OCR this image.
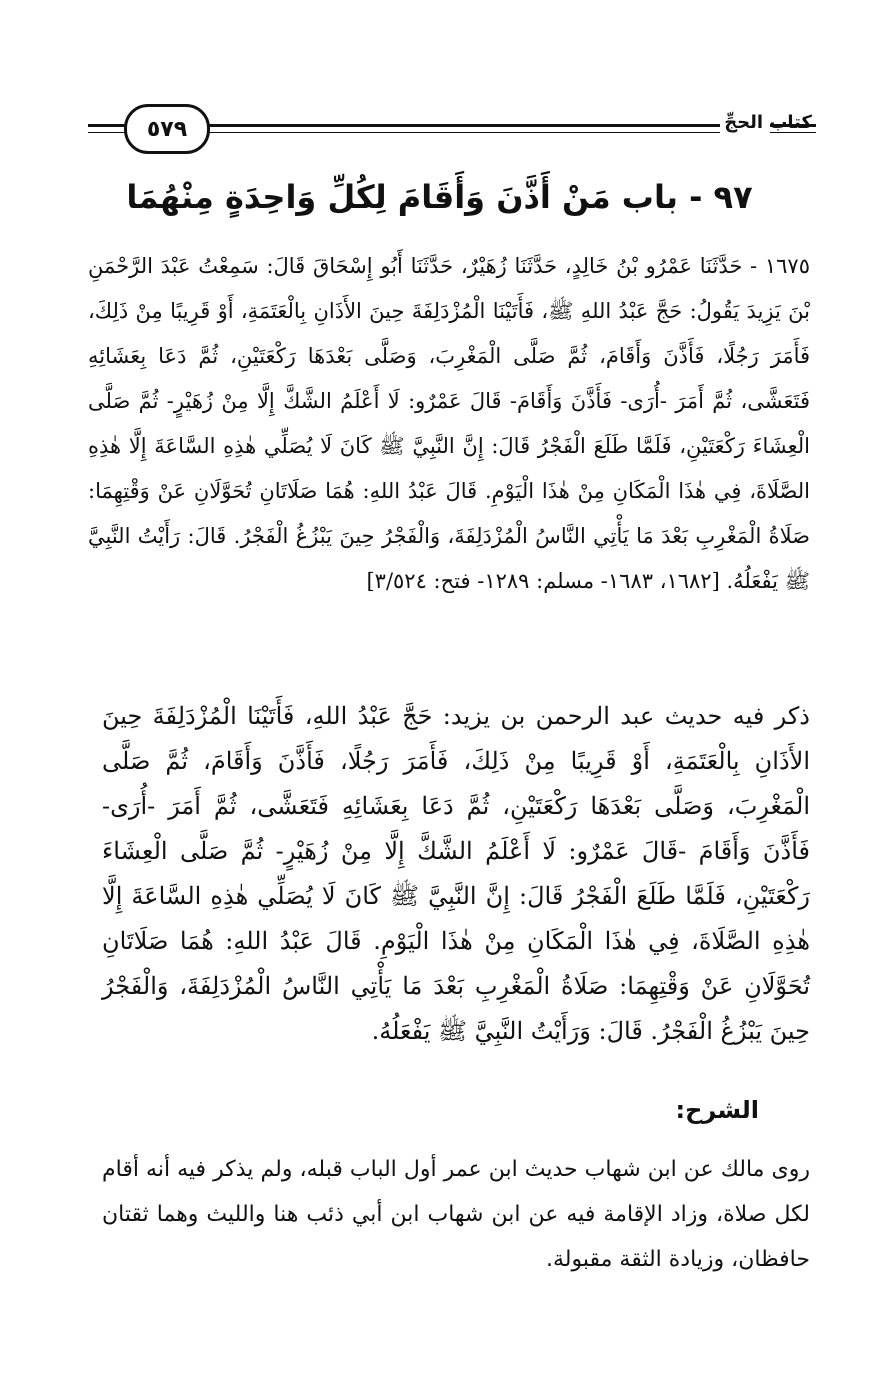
٥٧٩	كتاب الحجِّ
٩٧ - باب مَنْ أَذَّنَ وَأَقَامَ لِكُلِّ وَاحِدَةٍ مِنْهُمَا
١٦٧٥ - حَدَّثَنَا عَمْرُو بْنُ خَالِدٍ، حَدَّثَنَا زُهَيْرٌ، حَدَّثَنَا أَبُو إِسْحَاقَ قَالَ: سَمِعْتُ عَبْدَ الرَّحْمَنِ بْنَ يَزِيدَ يَقُولُ: حَجَّ عَبْدُ اللهِ ﷺ، فَأَتَيْنَا الْمُزْدَلِفَةَ حِينَ الأَذَانِ بِالْعَتَمَةِ، أَوْ قَرِيبًا مِنْ ذَلِكَ، فَأَمَرَ رَجُلًا، فَأَذَّنَ وَأَقَامَ، ثُمَّ صَلَّى الْمَغْرِبَ، وَصَلَّى بَعْدَهَا رَكْعَتَيْنِ، ثُمَّ دَعَا بِعَشَائِهِ فَتَعَشَّى، ثُمَّ أَمَرَ -أُرَى- فَأَذَّنَ وَأَقَامَ- قَالَ عَمْرٌو: لَا أَعْلَمُ الشَّكَّ إِلَّا مِنْ زُهَيْرٍ- ثُمَّ صَلَّى الْعِشَاءَ رَكْعَتَيْنِ، فَلَمَّا طَلَعَ الْفَجْرُ قَالَ: إِنَّ النَّبِيَّ ﷺ كَانَ لَا يُصَلِّي هٰذِهِ السَّاعَةَ إِلَّا هٰذِهِ الصَّلَاةَ، فِي هٰذَا الْمَكَانِ مِنْ هٰذَا الْيَوْمِ. قَالَ عَبْدُ اللهِ: هُمَا صَلَاتَانِ تُحَوَّلَانِ عَنْ وَقْتِهِمَا: صَلَاةُ الْمَغْرِبِ بَعْدَ مَا يَأْتِي النَّاسُ الْمُزْدَلِفَةَ، وَالْفَجْرُ حِينَ يَبْزُغُ الْفَجْرُ. قَالَ: رَأَيْتُ النَّبِيَّ ﷺ يَفْعَلُهُ. [١٦٨٢، ١٦٨٣- مسلم: ١٢٨٩- فتح: ٣/٥٢٤]
ذكر فيه حديث عبد الرحمن بن يزيد: حَجَّ عَبْدُ اللهِ، فَأَتَيْنَا الْمُزْدَلِفَةَ حِينَ الأَذَانِ بِالْعَتَمَةِ، أَوْ قَرِيبًا مِنْ ذَلِكَ، فَأَمَرَ رَجُلًا، فَأَذَّنَ وَأَقَامَ، ثُمَّ صَلَّى الْمَغْرِبَ، وَصَلَّى بَعْدَهَا رَكْعَتَيْنِ، ثُمَّ دَعَا بِعَشَائِهِ فَتَعَشَّى، ثُمَّ أَمَرَ -أُرَى- فَأَذَّنَ وَأَقَامَ -قَالَ عَمْرٌو: لَا أَعْلَمُ الشَّكَّ إِلَّا مِنْ زُهَيْرٍ- ثُمَّ صَلَّى الْعِشَاءَ رَكْعَتَيْنِ، فَلَمَّا طَلَعَ الْفَجْرُ قَالَ: إِنَّ النَّبِيَّ ﷺ كَانَ لَا يُصَلِّي هٰذِهِ السَّاعَةَ إِلَّا هٰذِهِ الصَّلَاةَ، فِي هٰذَا الْمَكَانِ مِنْ هٰذَا الْيَوْمِ. قَالَ عَبْدُ اللهِ: هُمَا صَلَاتَانِ تُحَوَّلَانِ عَنْ وَقْتِهِمَا: صَلَاةُ الْمَغْرِبِ بَعْدَ مَا يَأْتِي النَّاسُ الْمُزْدَلِفَةَ، وَالْفَجْرُ حِينَ يَبْزُغُ الْفَجْرُ. قَالَ: وَرَأَيْتُ النَّبِيَّ ﷺ يَفْعَلُهُ.
الشرح:
روى مالك عن ابن شهاب حديث ابن عمر أول الباب قبله، ولم يذكر فيه أنه أقام لكل صلاة، وزاد الإقامة فيه عن ابن شهاب ابن أبي ذئب هنا والليث وهما ثقتان حافظان، وزيادة الثقة مقبولة.
